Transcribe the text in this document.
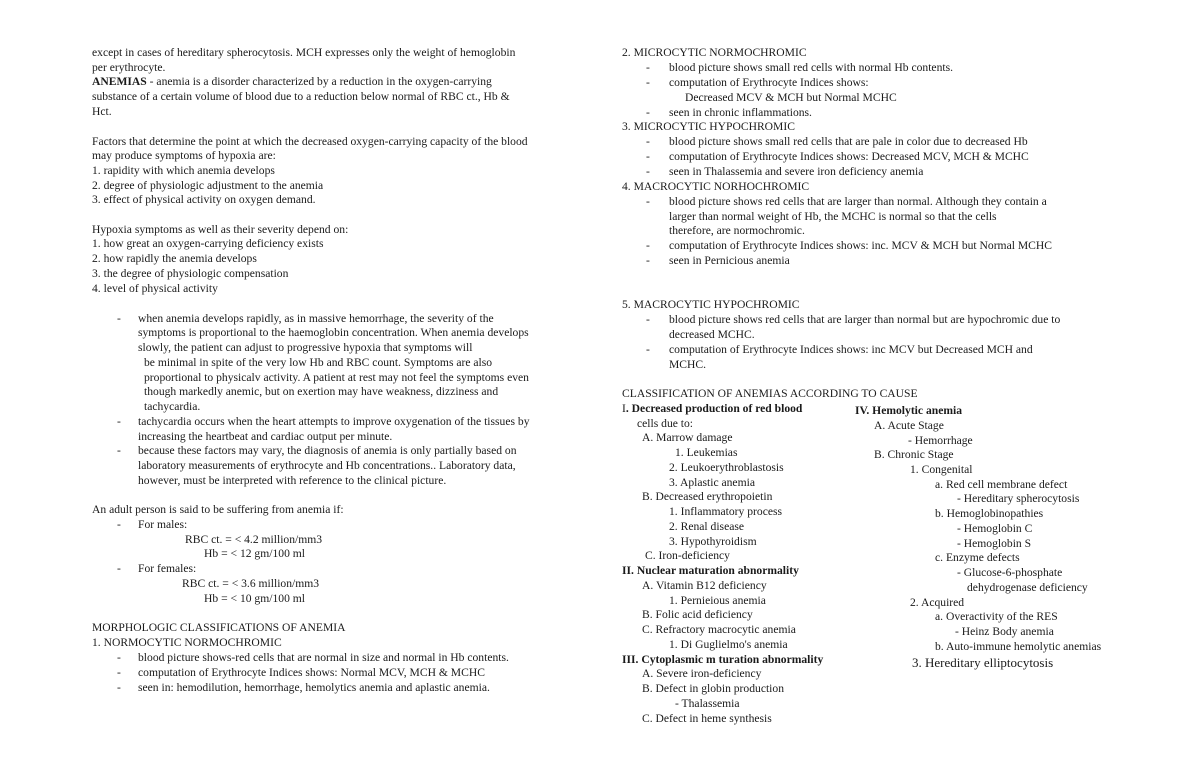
except in cases of hereditary spherocytosis. MCH expresses only the weight of hemoglobin
per erythrocyte.
ANEMIAS - anemia is a disorder characterized by a reduction in the oxygen-carrying
substance of a certain volume of blood due to a reduction below normal of RBC ct., Hb &
Hct.
Factors that determine the point at which the decreased oxygen-carrying capacity of the blood
may produce symptoms of hypoxia are:
1. rapidity with which anemia develops
2. degree of physiologic adjustment to the anemia
3. effect of physical activity on oxygen demand.
Hypoxia symptoms as well as their severity depend on:
1. how great an oxygen-carrying deficiency exists
2. how rapidly the anemia develops
3. the degree of physiologic compensation
4. level of physical activity
- when anemia develops rapidly, as in massive hemorrhage, the severity of the
symptoms is proportional to the haemoglobin concentration. When anemia develops
slowly, the patient can adjust to progressive hypoxia that symptoms will
be minimal in spite of the very low Hb and RBC count. Symptoms are also
proportional to physicalv activity. A patient at rest may not feel the symptoms even
though markedly anemic, but on exertion may have weakness, dizziness and
tachycardia.
- tachycardia occurs when the heart attempts to improve oxygenation of the tissues by
increasing the heartbeat and cardiac output per minute.
- because these factors may vary, the diagnosis of anemia is only partially based on
laboratory measurements of erythrocyte and Hb concentrations.. Laboratory data,
however, must be interpreted with reference to the clinical picture.
An adult person is said to be suffering from anemia if:
- For males:
RBC ct. = < 4.2 million/mm3
Hb = < 12 gm/100 ml
- For females:
RBC ct. = < 3.6 million/mm3
Hb = < 10 gm/100 ml
MORPHOLOGIC CLASSIFICATIONS OF ANEMIA
1. NORMOCYTIC NORMOCHROMIC
- blood picture shows-red cells that are normal in size and normal in Hb contents.
- computation of Erythrocyte Indices shows: Normal MCV, MCH & MCHC
- seen in: hemodilution, hemorrhage, hemolytics anemia and aplastic anemia.
2. MICROCYTIC NORMOCHROMIC
- blood picture shows small red cells with normal Hb contents.
- computation of Erythrocyte Indices shows:
Decreased MCV & MCH but Normal MCHC
- seen in chronic inflammations.
3. MICROCYTIC HYPOCHROMIC
- blood picture shows small red cells that are pale in color due to decreased Hb
- computation of Erythrocyte Indices shows: Decreased MCV, MCH & MCHC
- seen in Thalassemia and severe iron deficiency anemia
4. MACROCYTIC NORHOCHROMIC
- blood picture shows red cells that are larger than normal. Although they contain a
larger than normal weight of Hb, the MCHC is normal so that the cells
therefore, are normochromic.
- computation of Erythrocyte Indices shows: inc. MCV & MCH but Normal MCHC
- seen in Pernicious anemia
5. MACROCYTIC HYPOCHROMIC
- blood picture shows red cells that are larger than normal but are hypochromic due to
decreased MCHC.
- computation of Erythrocyte Indices shows: inc MCV but Decreased MCH and
MCHC.
CLASSIFICATION OF ANEMIAS ACCORDING TO CAUSE
I. Decreased production of red blood
cells due to:
A. Marrow damage
1. Leukemias
2. Leukoerythroblastosis
3. Aplastic anemia
B. Decreased erythropoietin
1. Inflammatory process
2. Renal disease
3. Hypothyroidism
C. Iron-deficiency
II. Nuclear maturation abnormality
A. Vitamin B12 deficiency
1. Pernieious anemia
B. Folic acid deficiency
C. Refractory macrocytic anemia
1. Di Guglielmo's anemia
III. Cytoplasmic m turation abnormality
A. Severe iron-deficiency
B. Defect in globin production
- Thalassemia
C. Defect in heme synthesis
IV. Hemolytic anemia
A. Acute Stage
- Hemorrhage
B. Chronic Stage
1. Congenital
a. Red cell membrane defect
- Hereditary spherocytosis
b. Hemoglobinopathies
- Hemoglobin C
- Hemoglobin S
c. Enzyme defects
- Glucose-6-phosphate
dehydrogenase deficiency
2. Acquired
a. Overactivity of the RES
- Heinz Body anemia
b. Auto-immune hemolytic anemias
3. Hereditary elliptocytosis
